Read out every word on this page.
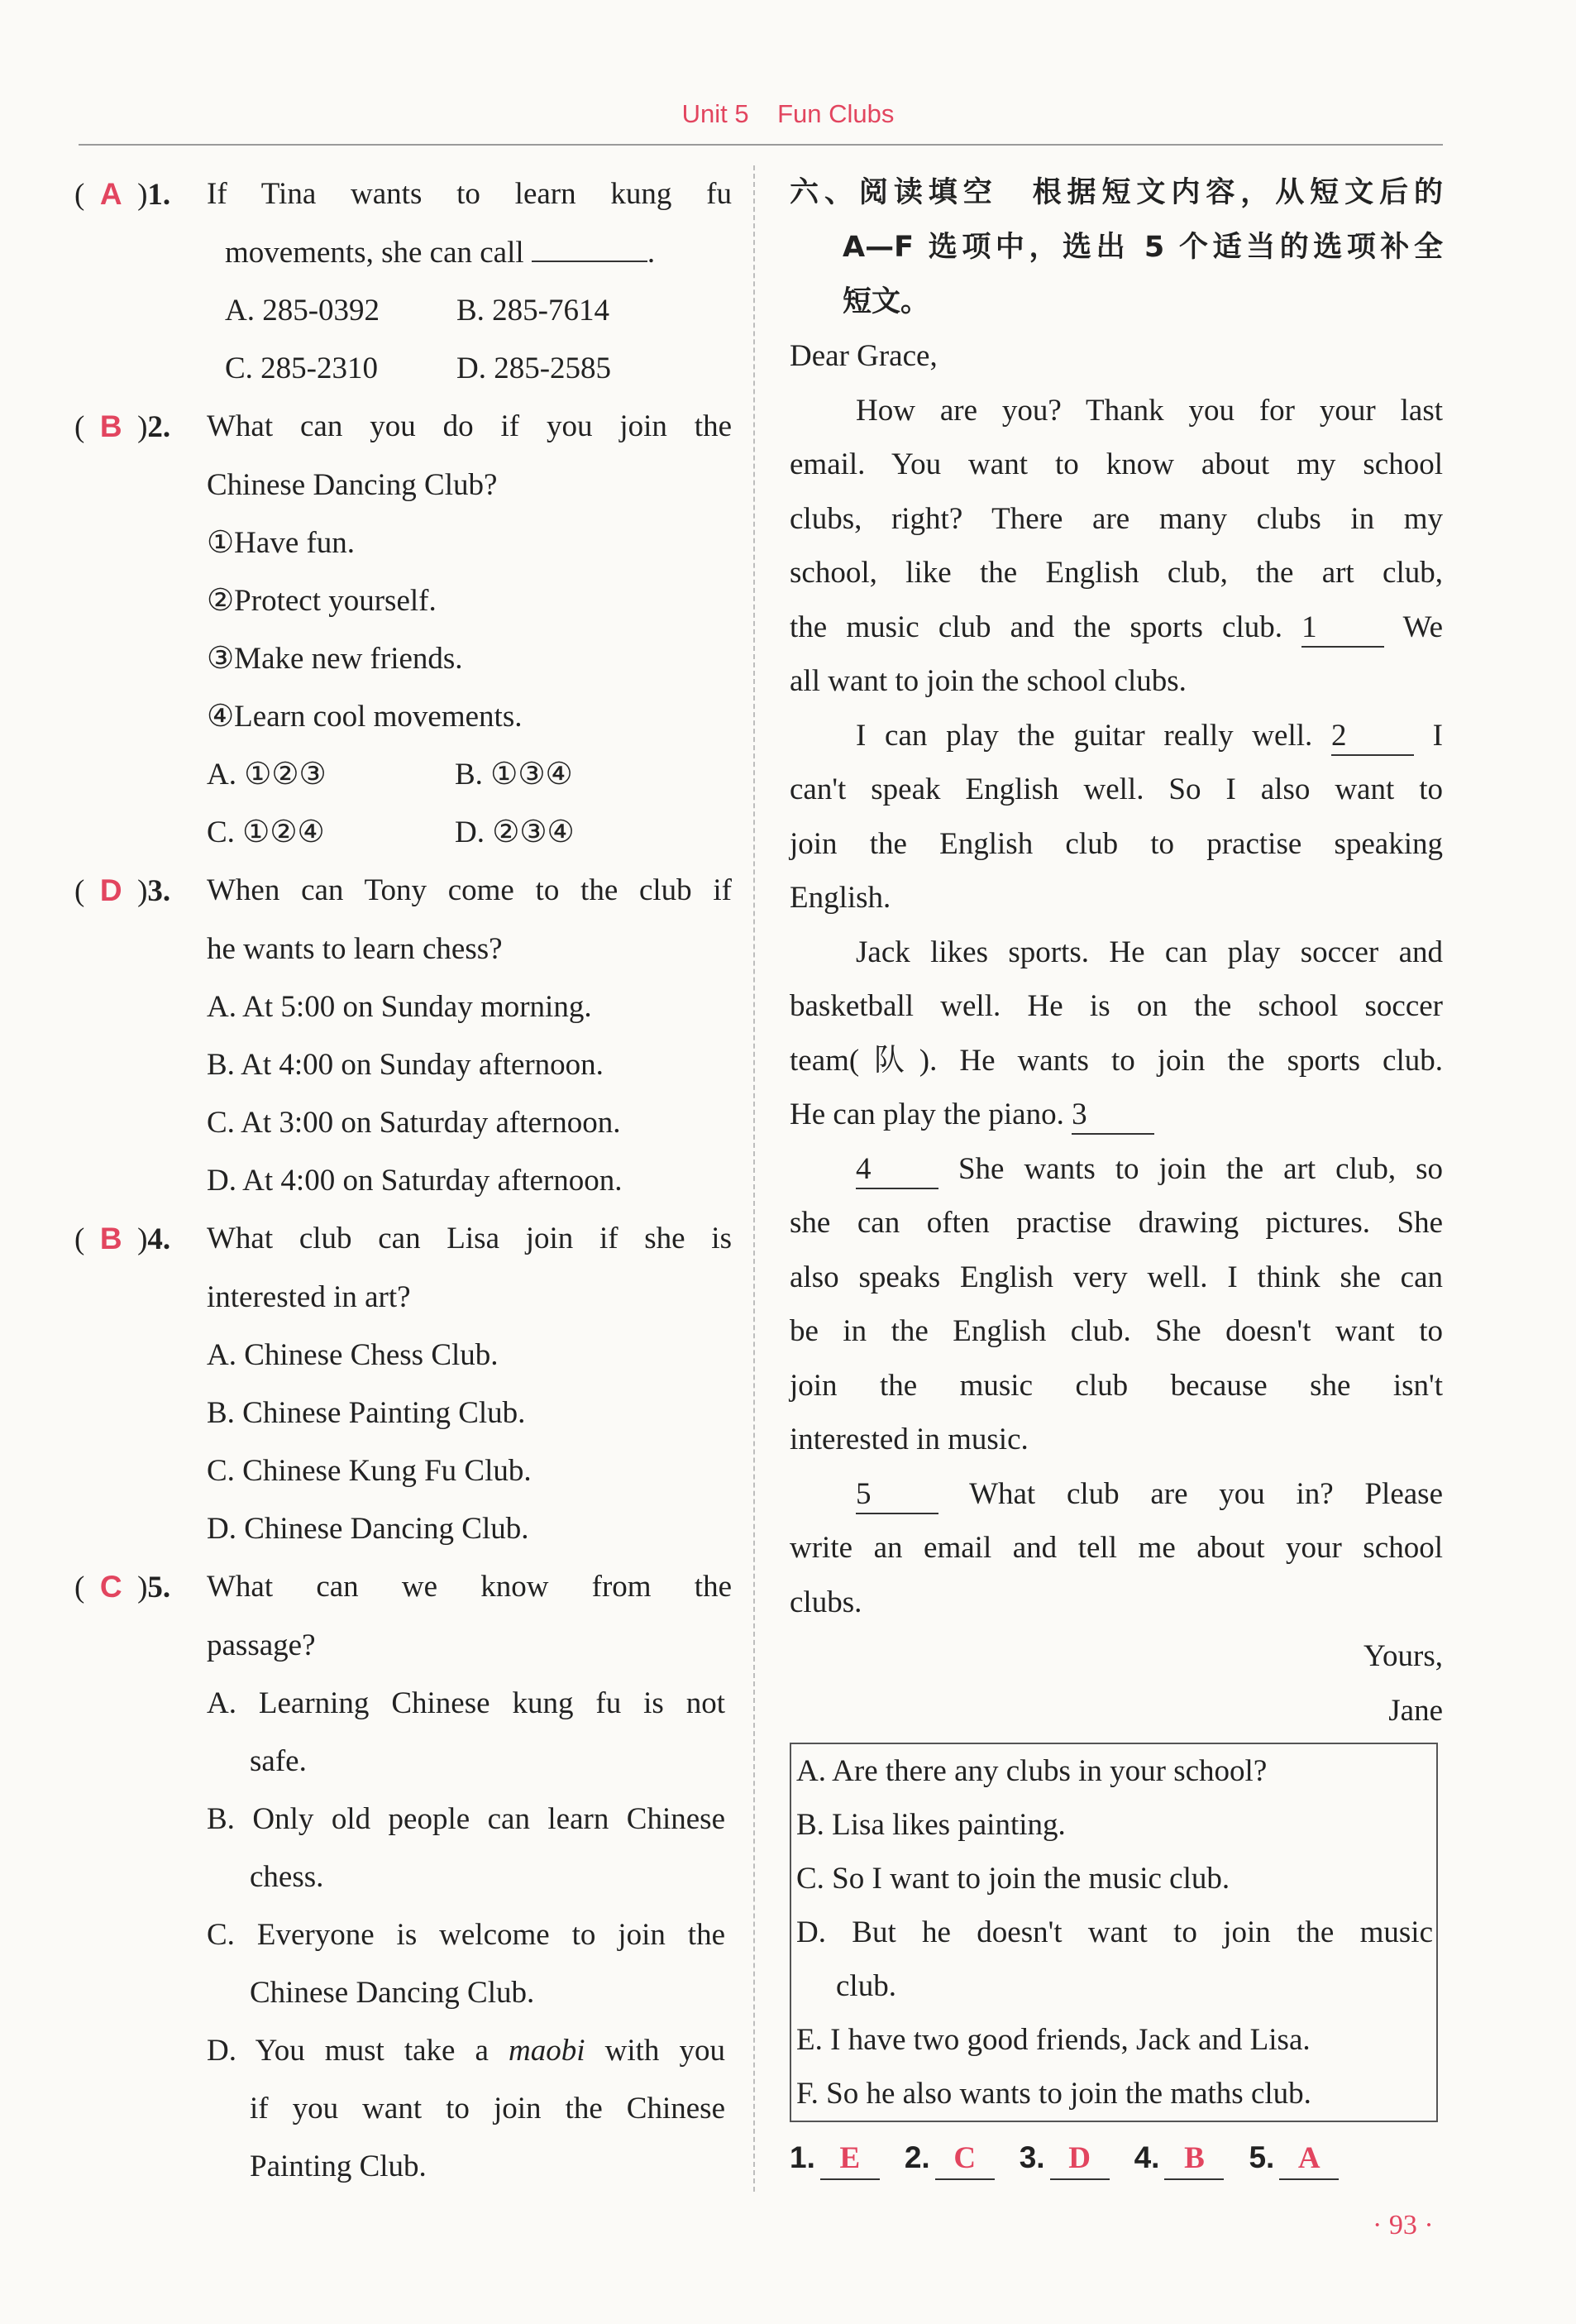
Unit 5 Fun Clubs
(  A  )1.	If Tina wants to learn kung fu
movements, she can call	.
A. 285-0392	B. 285-7614
C. 285-2310	D. 285-2585
(  B  )2.	What can you do if you join the
Chinese Dancing Club?
①Have fun.
②Protect yourself.
③Make new friends.
④Learn cool movements.
A. ①②③	B. ①③④
C. ①②④	D. ②③④
(  D  )3.	When can Tony come to the club if
he wants to learn chess?
A. At 5:00 on Sunday morning.
B. At 4:00 on Sunday afternoon.
C. At 3:00 on Saturday afternoon.
D. At 4:00 on Saturday afternoon.
(  B  )4.	What club can Lisa join if she is
interested in art?
A. Chinese Chess Club.
B. Chinese Painting Club.
C. Chinese Kung Fu Club.
D. Chinese Dancing Club.
(  C  )5.	What can we know from the
passage?
A. Learning Chinese kung fu is not
safe.
B. Only old people can learn Chinese
chess.
C. Everyone is welcome to join the
Chinese Dancing Club.
D. You must take a maobi with you
if you want to join the Chinese
Painting Club.
六、阅读填空　根据短文内容，从短文后的
A—F 选项中，选出 5 个适当的选项补全
短文。
Dear Grace,
How are you? Thank you for your last
email. You want to know about my school
clubs, right? There are many clubs in my
school, like the English club, the art club,
the music club and the sports club. 1	We
all want to join the school clubs.
I can play the guitar really well. 2	I
can't speak English well. So I also want to
join the English club to practise speaking
English.
Jack likes sports. He can play soccer and
basketball well. He is on the school soccer
team(队). He wants to join the sports club.
He can play the piano. 3
4	She wants to join the art club, so
she can often practise drawing pictures. She
also speaks English very well. I think she can
be in the English club. She doesn't want to
join the music club because she isn't
interested in music.
5	What club are you in? Please
write an email and tell me about your school
clubs.
Yours,
Jane
A. Are there any clubs in your school?
B. Lisa likes painting.
C. So I want to join the music club.
D. But he doesn't want to join the music
club.
E. I have two good friends, Jack and Lisa.
F. So he also wants to join the maths club.
1. E	2. C	3. D	4. B	5. A
· 93 ·
